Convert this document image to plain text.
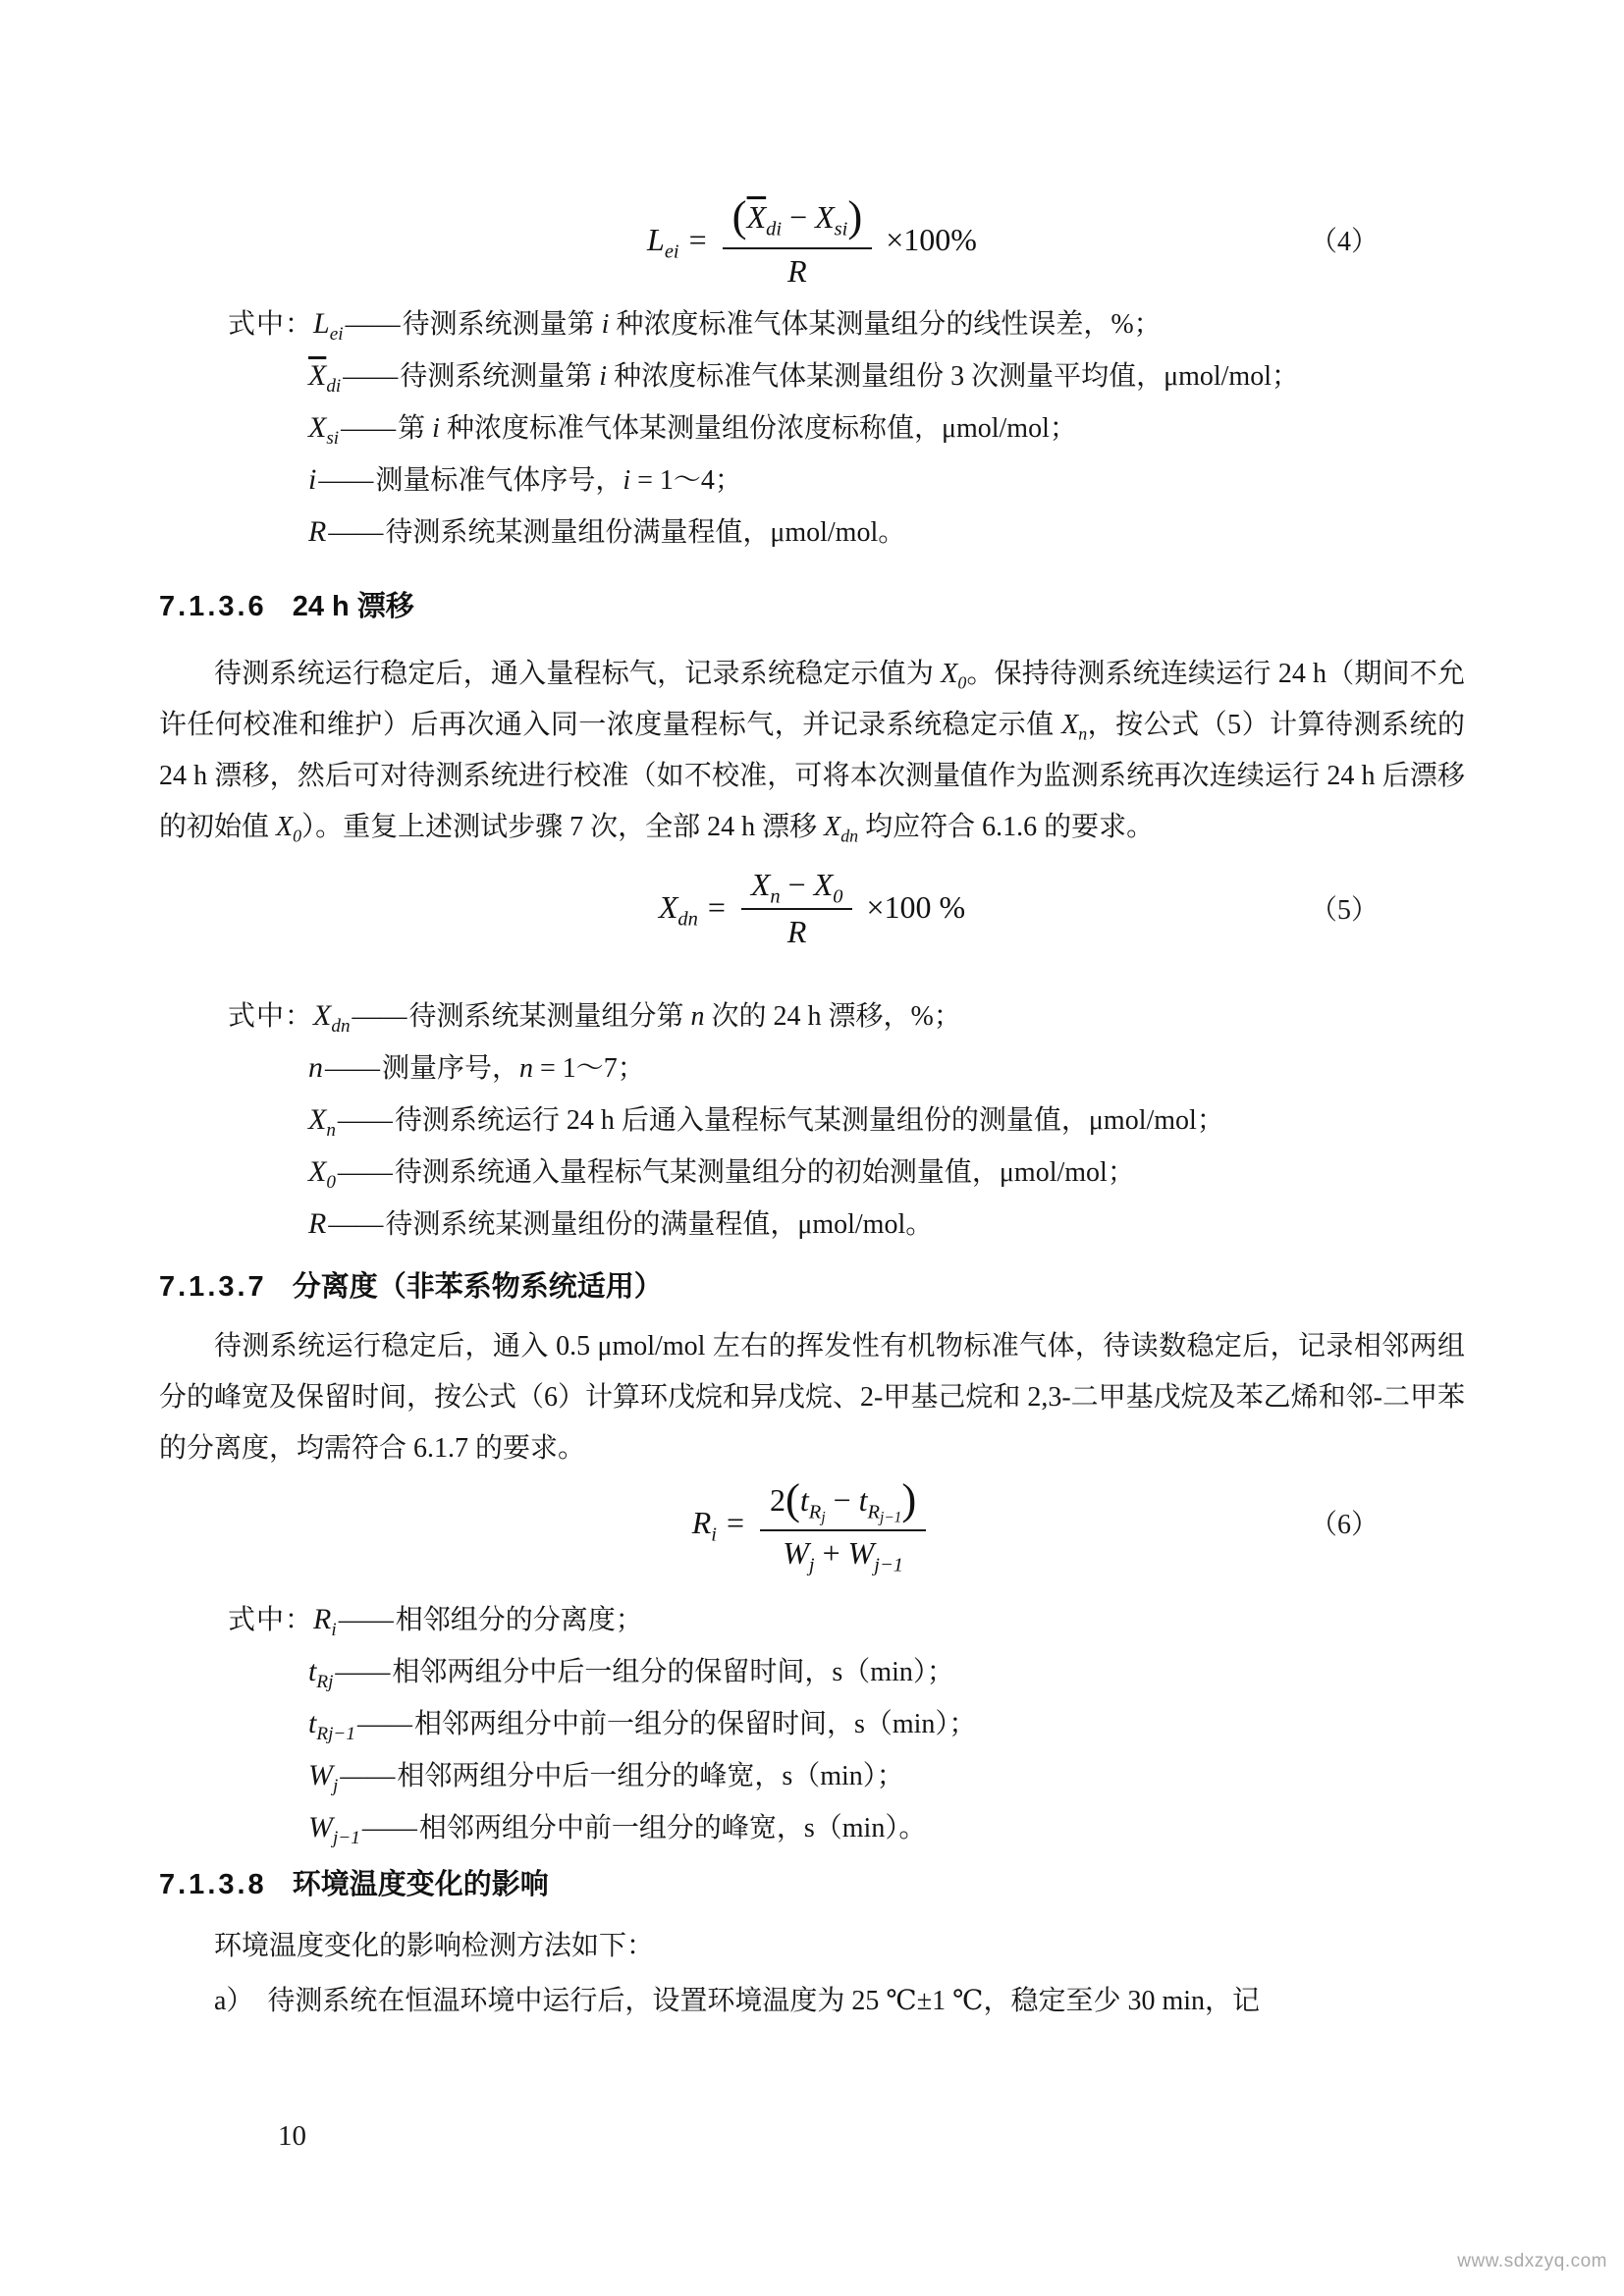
$L_{ei} = \frac{(\overline{X}_{di} - X_{si})}{R} \times 100\%$	（4）
式中：$L_{ei}——$待测系统测量第 i 种浓度标准气体某测量组分的线性误差，%；
$\overline{X}_{di}——$待测系统测量第 i 种浓度标准气体某测量组份 3 次测量平均值，μmol/mol；
$X_{si}——$第 i 种浓度标准气体某测量组份浓度标称值，μmol/mol；
i——测量标准气体序号，i = 1～4；
R——待测系统某测量组份满量程值，μmol/mol。
7.1.3.6 24 h 漂移

待测系统运行稳定后，通入量程标气，记录系统稳定示值为 $X_0$。保持待测系统连续运行 24 h（期间不允许任何校准和维护）后再次通入同一浓度量程标气，并记录系统稳定示值 $X_n$，按公式（5）计算待测系统的 24 h 漂移，然后可对待测系统进行校准（如不校准，可将本次测量值作为监测系统再次连续运行 24 h 后漂移的初始值 $X_0$）。重复上述测试步骤 7 次，全部 24 h 漂移 $X_{dn}$ 均应符合 6.1.6 的要求。

$X_{dn} = \frac{X_n - X_0}{R} \times 100$ %	（5）
式中：$X_{dn}——$待测系统某测量组分第 n 次的 24 h 漂移，%；
n——测量序号，n = 1～7；
$X_n——$待测系统运行 24 h 后通入量程标气某测量组份的测量值，μmol/mol；
$X_0——$待测系统通入量程标气某测量组分的初始测量值，μmol/mol；
R——待测系统某测量组份的满量程值，μmol/mol。
7.1.3.7 分离度（非苯系物系统适用）

待测系统运行稳定后，通入 0.5 μmol/mol 左右的挥发性有机物标准气体，待读数稳定后，记录相邻两组分的峰宽及保留时间，按公式（6）计算环戊烷和异戊烷、2-甲基己烷和 2,3-二甲基戊烷及苯乙烯和邻-二甲苯的分离度，均需符合 6.1.7 的要求。

$R_i = \frac{2(t_{Rj} - t_{Rj-1})}{W_j + W_{j-1}}$	（6）
式中：$R_i——$相邻组分的分离度；
$t_{Rj}——$相邻两组分中后一组分的保留时间，s（min）；
$t_{Rj-1}——$相邻两组分中前一组分的保留时间，s（min）；
$W_j——$相邻两组分中后一组分的峰宽，s（min）；
$W_{j-1}——$相邻两组分中前一组分的峰宽，s（min）。
7.1.3.8 环境温度变化的影响

环境温度变化的影响检测方法如下：

a）　待测系统在恒温环境中运行后，设置环境温度为 25 ℃±1 ℃，稳定至少 30 min，记

10
www.sdxzyq.com
